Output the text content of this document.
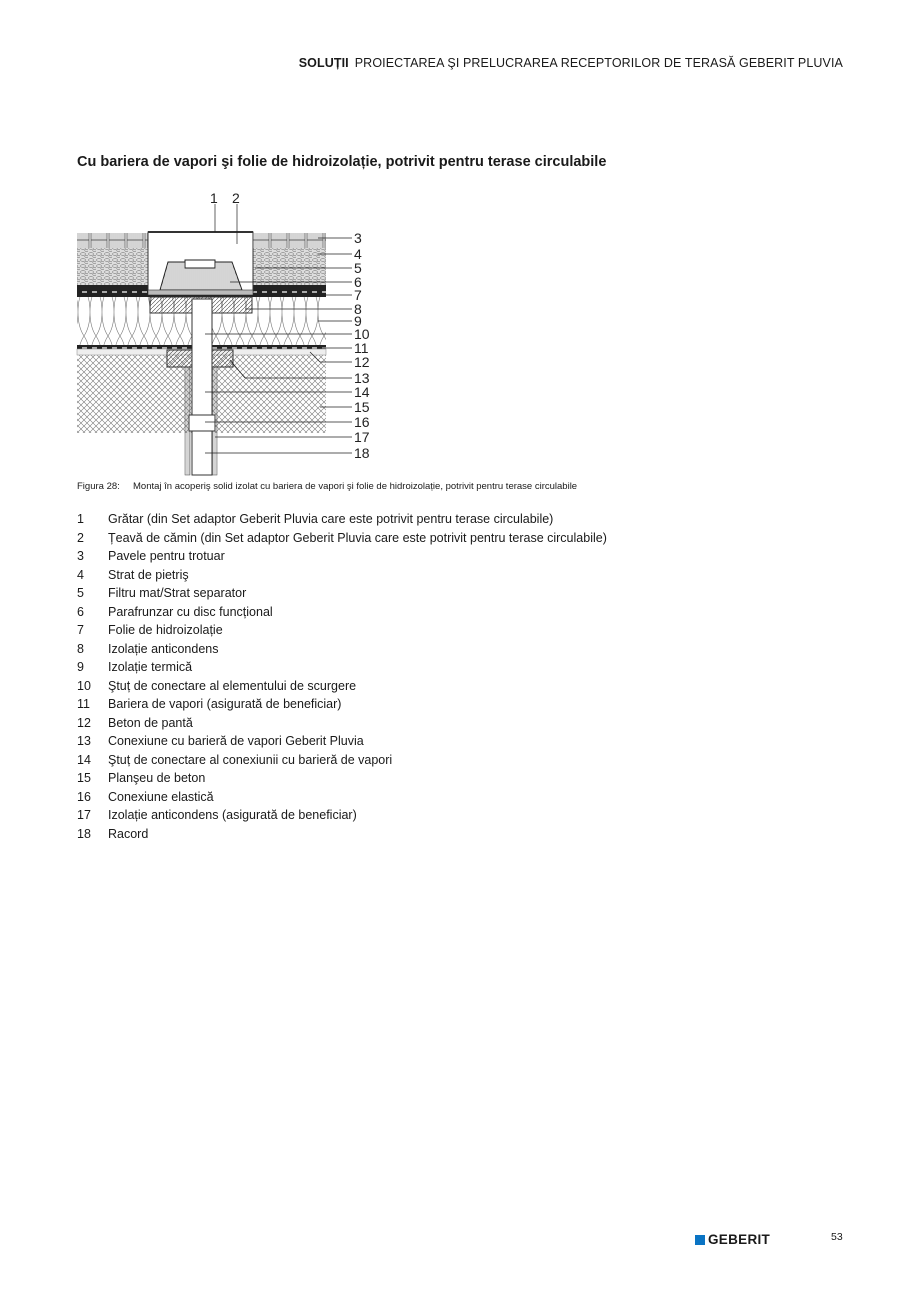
SOLUȚII PROIECTAREA ŞI PRELUCRAREA RECEPTORILOR DE TERASĂ GEBERIT PLUVIA
Cu bariera de vapori şi folie de hidroizolație, potrivit pentru terase circulabile
1 2
3
4
5
6
7
8
9
10
11
12
13
14
15
16
17
18
Figura 28: Montaj în acoperiş solid izolat cu bariera de vapori şi folie de hidroizolație, potrivit pentru terase circulabile
1	Grătar (din Set adaptor Geberit Pluvia care este potrivit pentru terase circulabile)
2	Țeavă de cămin (din Set adaptor Geberit Pluvia care este potrivit pentru terase circulabile)
3	Pavele pentru trotuar
4	Strat de pietriş
5	Filtru mat/Strat separator
6	Parafrunzar cu disc funcțional
7	Folie de hidroizolație
8	Izolație anticondens
9	Izolație termică
10	Ştuț de conectare al elementului de scurgere
11	Bariera de vapori (asigurată de beneficiar)
12	Beton de pantă
13	Conexiune cu barieră de vapori Geberit Pluvia
14	Ştuț de conectare al conexiunii cu barieră de vapori
15	Planşeu de beton
16	Conexiune elastică
17	Izolație anticondens (asigurată de beneficiar)
18	Racord
GEBERIT	53
